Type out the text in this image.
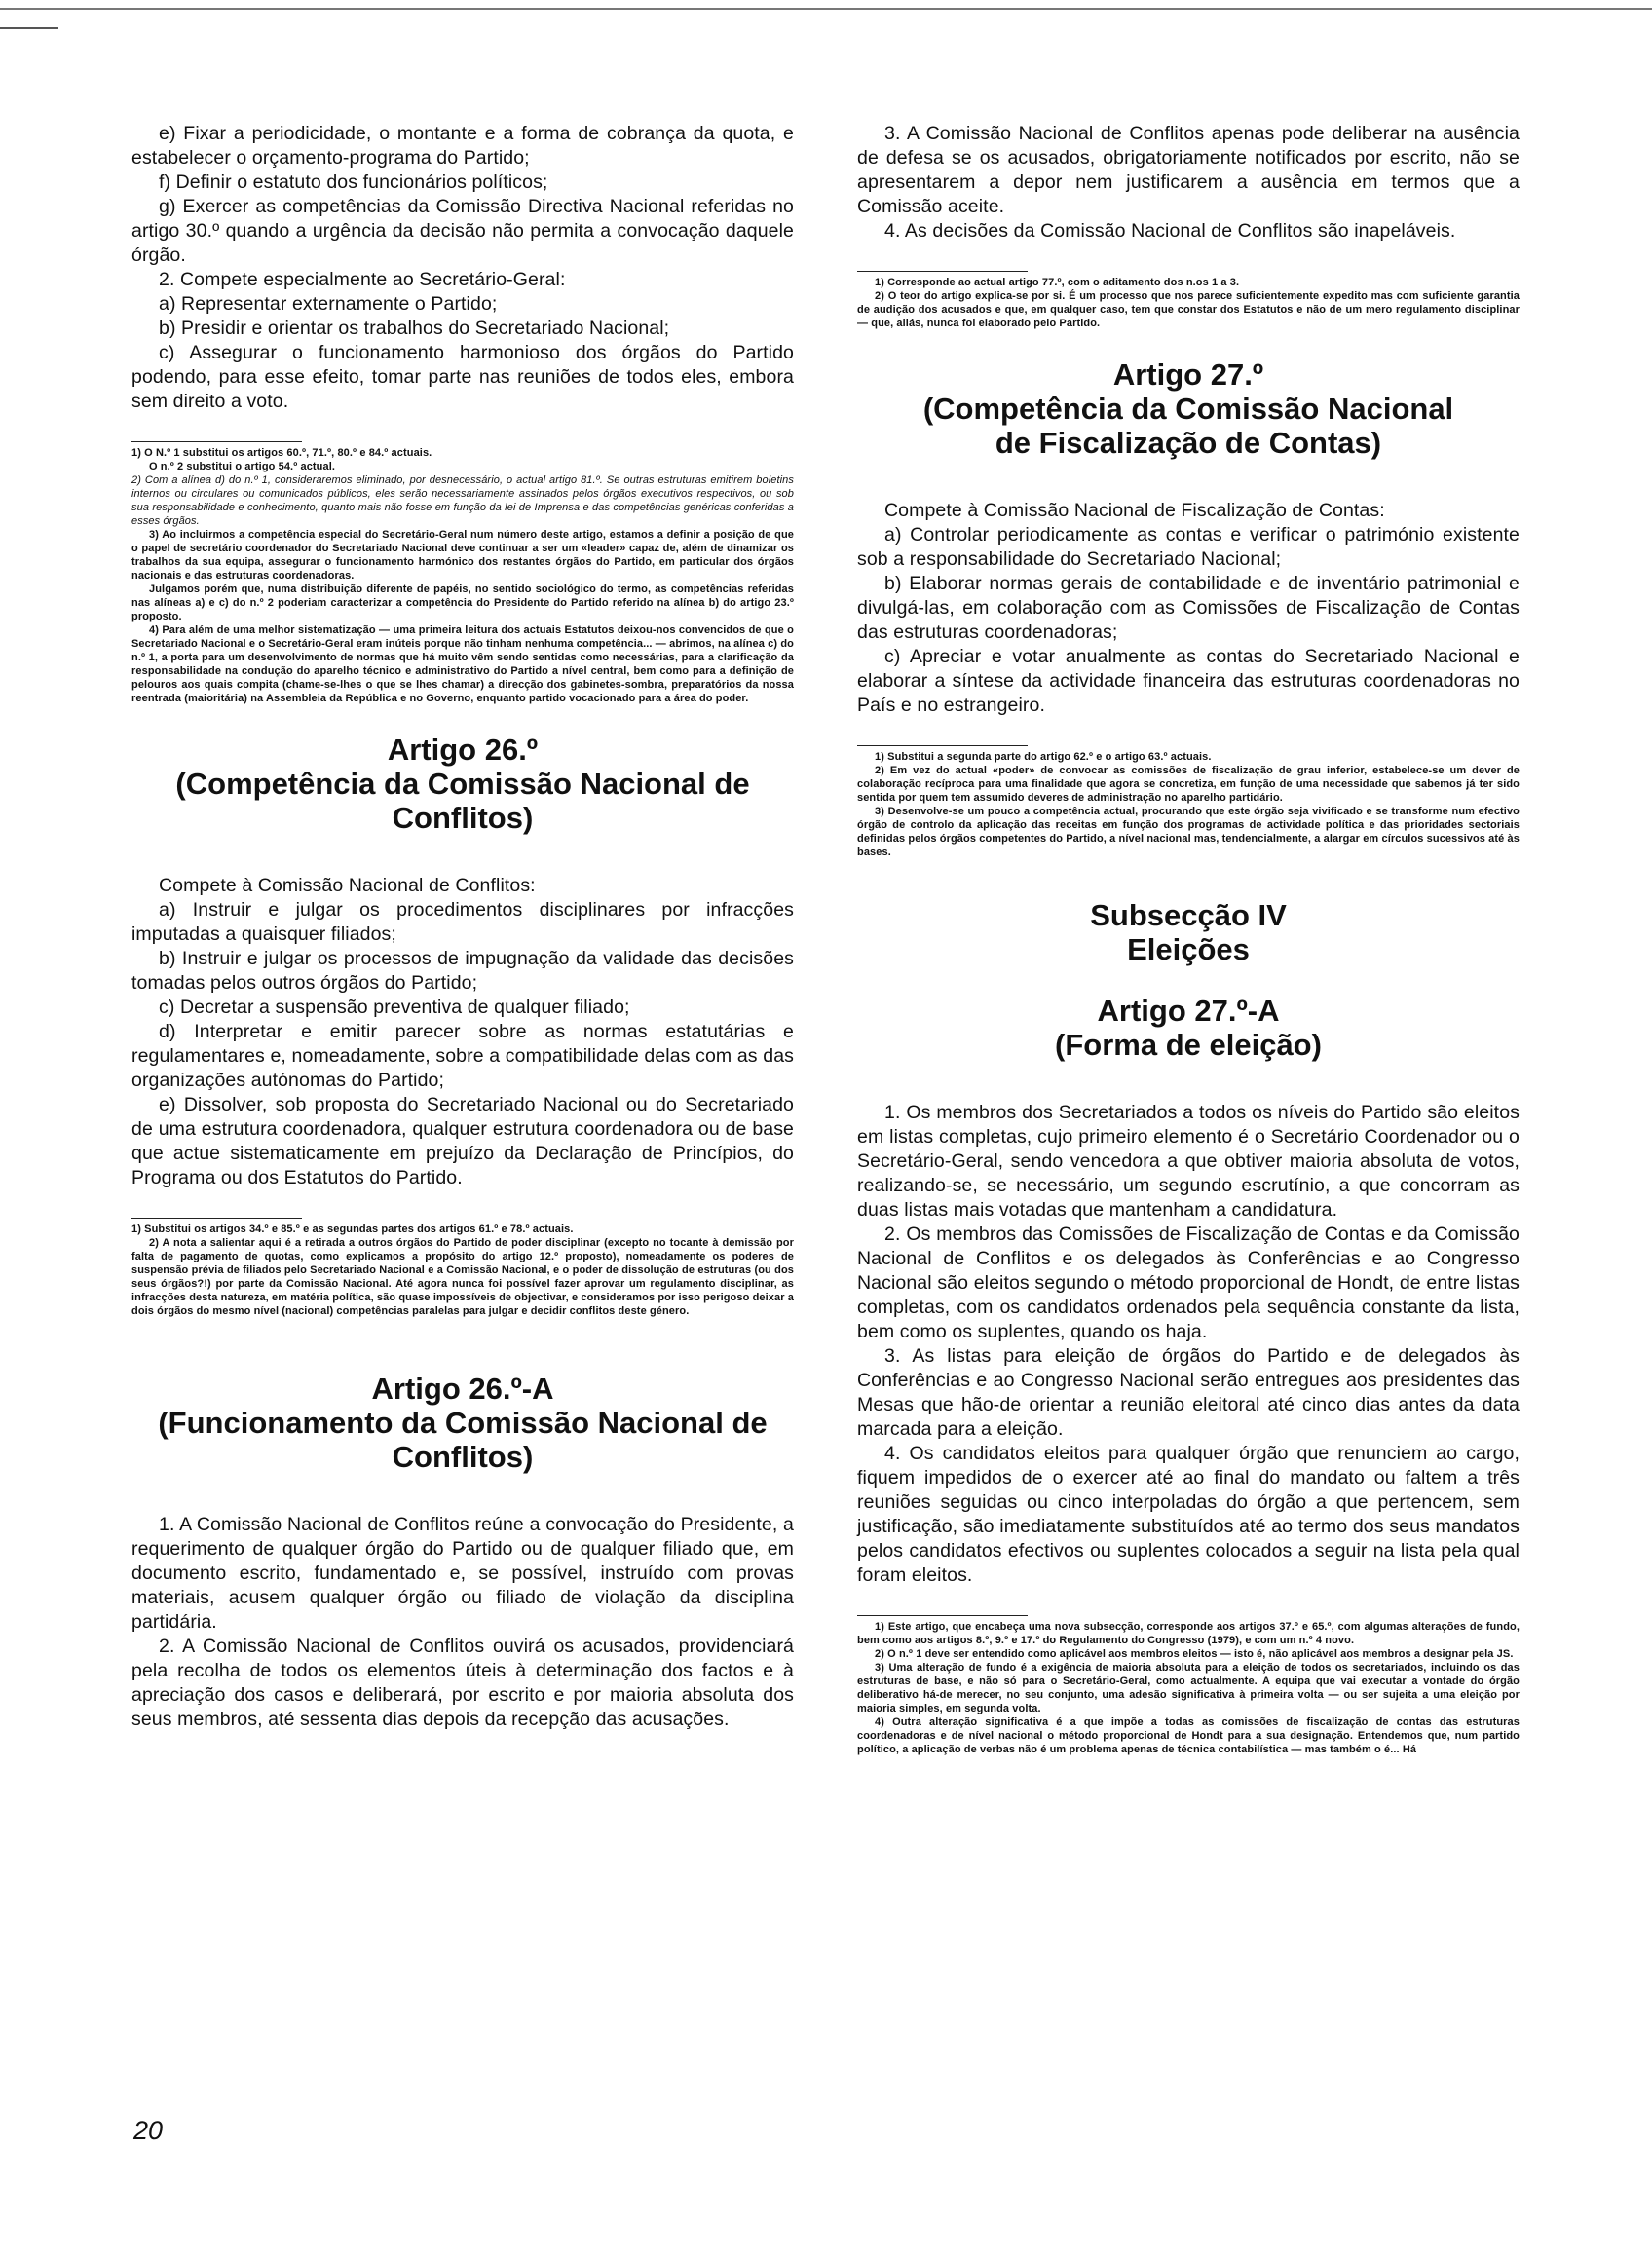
e) Fixar a periodicidade, o montante e a forma de cobrança da quota, e estabelecer o orçamento-programa do Partido;

f) Definir o estatuto dos funcionários políticos;

g) Exercer as competências da Comissão Directiva Nacional referidas no artigo 30.º quando a urgência da decisão não permita a convocação daquele órgão.

2. Compete especialmente ao Secretário-Geral:

a) Representar externamente o Partido;

b) Presidir e orientar os trabalhos do Secretariado Nacional;

c) Assegurar o funcionamento harmonioso dos órgãos do Partido podendo, para esse efeito, tomar parte nas reuniões de todos eles, embora sem direito a voto.

1) O N.º 1 substitui os artigos 60.º, 71.º, 80.º e 84.º actuais.

O n.º 2 substitui o artigo 54.º actual.

2) Com a alínea d) do n.º 1, consideraremos eliminado, por desnecessário, o actual artigo 81.º. Se outras estruturas emitirem boletins internos ou circulares ou comunicados públicos, eles serão necessariamente assinados pelos órgãos executivos respectivos, ou sob sua responsabilidade e conhecimento, quanto mais não fosse em função da lei de Imprensa e das competências genéricas conferidas a esses órgãos.

3) Ao incluirmos a competência especial do Secretário-Geral num número deste artigo, estamos a definir a posição de que o papel de secretário coordenador do Secretariado Nacional deve continuar a ser um «leader» capaz de, além de dinamizar os trabalhos da sua equipa, assegurar o funcionamento harmónico dos restantes órgãos do Partido, em particular dos órgãos nacionais e das estruturas coordenadoras.

Julgamos porém que, numa distribuição diferente de papéis, no sentido sociológico do termo, as competências referidas nas alíneas a) e c) do n.º 2 poderiam caracterizar a competência do Presidente do Partido referido na alínea b) do artigo 23.º proposto.

4) Para além de uma melhor sistematização — uma primeira leitura dos actuais Estatutos deixou-nos convencidos de que o Secretariado Nacional e o Secretário-Geral eram inúteis porque não tinham nenhuma competência... — abrimos, na alínea c) do n.º 1, a porta para um desenvolvimento de normas que há muito vêm sendo sentidas como necessárias, para a clarificação da responsabilidade na condução do aparelho técnico e administrativo do Partido a nível central, bem como para a definição de pelouros aos quais compita (chame-se-lhes o que se lhes chamar) a direcção dos gabinetes-sombra, preparatórios da nossa reentrada (maioritária) na Assembleia da República e no Governo, enquanto partido vocacionado para a área do poder.

Artigo 26.º
(Competência da Comissão Nacional de
Conflitos)

Compete à Comissão Nacional de Conflitos:

a) Instruir e julgar os procedimentos disciplinares por infracções imputadas a quaisquer filiados;

b) Instruir e julgar os processos de impugnação da validade das decisões tomadas pelos outros órgãos do Partido;

c) Decretar a suspensão preventiva de qualquer filiado;

d) Interpretar e emitir parecer sobre as normas estatutárias e regulamentares e, nomeadamente, sobre a compatibilidade delas com as das organizações autónomas do Partido;

e) Dissolver, sob proposta do Secretariado Nacional ou do Secretariado de uma estrutura coordenadora, qualquer estrutura coordenadora ou de base que actue sistematicamente em prejuízo da Declaração de Princípios, do Programa ou dos Estatutos do Partido.

1) Substitui os artigos 34.º e 85.º e as segundas partes dos artigos 61.º e 78.º actuais.

2) A nota a salientar aqui é a retirada a outros órgãos do Partido de poder disciplinar (excepto no tocante à demissão por falta de pagamento de quotas, como explicamos a propósito do artigo 12.º proposto), nomeadamente os poderes de suspensão prévia de filiados pelo Secretariado Nacional e a Comissão Nacional, e o poder de dissolução de estruturas (ou dos seus órgãos?!) por parte da Comissão Nacional. Até agora nunca foi possível fazer aprovar um regulamento disciplinar, as infracções desta natureza, em matéria política, são quase impossíveis de objectivar, e consideramos por isso perigoso deixar a dois órgãos do mesmo nível (nacional) competências paralelas para julgar e decidir conflitos deste género.

Artigo 26.º-A
(Funcionamento da Comissão Nacional de
Conflitos)

1. A Comissão Nacional de Conflitos reúne a convocação do Presidente, a requerimento de qualquer órgão do Partido ou de qualquer filiado que, em documento escrito, fundamentado e, se possível, instruído com provas materiais, acusem qualquer órgão ou filiado de violação da disciplina partidária.

2. A Comissão Nacional de Conflitos ouvirá os acusados, providenciará pela recolha de todos os elementos úteis à determinação dos factos e à apreciação dos casos e deliberará, por escrito e por maioria absoluta dos seus membros, até sessenta dias depois da recepção das acusações.

3. A Comissão Nacional de Conflitos apenas pode deliberar na ausência de defesa se os acusados, obrigatoriamente notificados por escrito, não se apresentarem a depor nem justificarem a ausência em termos que a Comissão aceite.

4. As decisões da Comissão Nacional de Conflitos são inapeláveis.

1) Corresponde ao actual artigo 77.º, com o aditamento dos n.os 1 a 3.

2) O teor do artigo explica-se por si. É um processo que nos parece suficientemente expedito mas com suficiente garantia de audição dos acusados e que, em qualquer caso, tem que constar dos Estatutos e não de um mero regulamento disciplinar — que, aliás, nunca foi elaborado pelo Partido.

Artigo 27.º
(Competência da Comissão Nacional
de Fiscalização de Contas)

Compete à Comissão Nacional de Fiscalização de Contas:

a) Controlar periodicamente as contas e verificar o património existente sob a responsabilidade do Secretariado Nacional;

b) Elaborar normas gerais de contabilidade e de inventário patrimonial e divulgá-las, em colaboração com as Comissões de Fiscalização de Contas das estruturas coordenadoras;

c) Apreciar e votar anualmente as contas do Secretariado Nacional e elaborar a síntese da actividade financeira das estruturas coordenadoras no País e no estrangeiro.

1) Substitui a segunda parte do artigo 62.º e o artigo 63.º actuais.

2) Em vez do actual «poder» de convocar as comissões de fiscalização de grau inferior, estabelece-se um dever de colaboração recíproca para uma finalidade que agora se concretiza, em função de uma necessidade que sabemos já ter sido sentida por quem tem assumido deveres de administração no aparelho partidário.

3) Desenvolve-se um pouco a competência actual, procurando que este órgão seja vivificado e se transforme num efectivo órgão de controlo da aplicação das receitas em função dos programas de actividade política e das prioridades sectoriais definidas pelos órgãos competentes do Partido, a nível nacional mas, tendencialmente, a alargar em círculos sucessivos até às bases.

Subsecção IV
Eleições
Artigo 27.º-A
(Forma de eleição)

1. Os membros dos Secretariados a todos os níveis do Partido são eleitos em listas completas, cujo primeiro elemento é o Secretário Coordenador ou o Secretário-Geral, sendo vencedora a que obtiver maioria absoluta de votos, realizando-se, se necessário, um segundo escrutínio, a que concorram as duas listas mais votadas que mantenham a candidatura.

2. Os membros das Comissões de Fiscalização de Contas e da Comissão Nacional de Conflitos e os delegados às Conferências e ao Congresso Nacional são eleitos segundo o método proporcional de Hondt, de entre listas completas, com os candidatos ordenados pela sequência constante da lista, bem como os suplentes, quando os haja.

3. As listas para eleição de órgãos do Partido e de delegados às Conferências e ao Congresso Nacional serão entregues aos presidentes das Mesas que hão-de orientar a reunião eleitoral até cinco dias antes da data marcada para a eleição.

4. Os candidatos eleitos para qualquer órgão que renunciem ao cargo, fiquem impedidos de o exercer até ao final do mandato ou faltem a três reuniões seguidas ou cinco interpoladas do órgão a que pertencem, sem justificação, são imediatamente substituídos até ao termo dos seus mandatos pelos candidatos efectivos ou suplentes colocados a seguir na lista pela qual foram eleitos.

1) Este artigo, que encabeça uma nova subsecção, corresponde aos artigos 37.º e 65.º, com algumas alterações de fundo, bem como aos artigos 8.º, 9.º e 17.º do Regulamento do Congresso (1979), e com um n.º 4 novo.

2) O n.º 1 deve ser entendido como aplicável aos membros eleitos — isto é, não aplicável aos membros a designar pela JS.

3) Uma alteração de fundo é a exigência de maioria absoluta para a eleição de todos os secretariados, incluindo os das estruturas de base, e não só para o Secretário-Geral, como actualmente. A equipa que vai executar a vontade do órgão deliberativo há-de merecer, no seu conjunto, uma adesão significativa à primeira volta — ou ser sujeita a uma eleição por maioria simples, em segunda volta.

4) Outra alteração significativa é a que impõe a todas as comissões de fiscalização de contas das estruturas coordenadoras e de nível nacional o método proporcional de Hondt para a sua designação. Entendemos que, num partido político, a aplicação de verbas não é um problema apenas de técnica contabilística — mas também o é... Há

20
